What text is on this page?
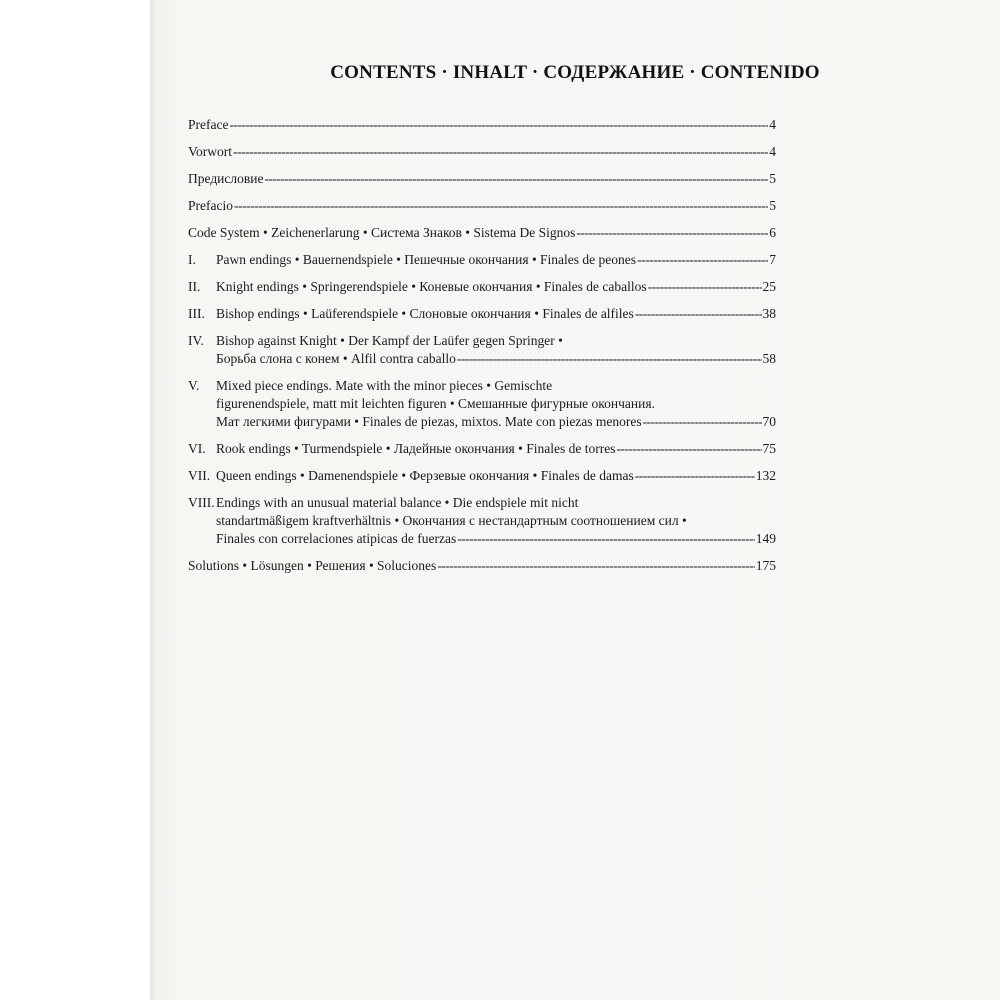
CONTENTS · INHALT · СОДЕРЖАНИЕ · CONTENIDO
Preface -----	4
Vorwort -----	4
Предисловие -----	5
Prefacio -----	5
Code System • Zeichenerlarung • Система Знаков • Sistema De Signos -----	6
I.	Pawn endings • Bauernendspiele • Пешечные окончания • Finales de peones -----	7
II.	Knight endings • Springerendspiele • Коневые окончания • Finales de caballos -----	25
III. Bishop endings • Laüferendspiele • Слоновые окончания • Finales de alfiles -----	38
IV. Bishop against Knight • Der Kampf der Laüfer gegen Springer •
Борьба слона с конем • Alfil contra caballo -----	58
V.	Mixed piece endings. Mate with the minor pieces • Gemischte
figurenendspiele, matt mit leichten figuren • Смешанные фигурные окончания.
Мат легкими фигурами • Finales de piezas, mixtos. Mate con piezas menores -----	70
VI. Rook endings • Turmendspiele • Ладейные окончания • Finales de torres -----	75
VII. Queen endings • Damenendspiele • Ферзевые окончания • Finales de damas -----	132
VIII. Endings with an unusual material balance • Die endspiele mit nicht
standartmäßigem kraftverhältnis • Окончания с нестандартным соотношением сил •
Finales con correlaciones atipicas de fuerzas -----	149
Solutions • Lösungen • Решения • Soluciones -----	175
